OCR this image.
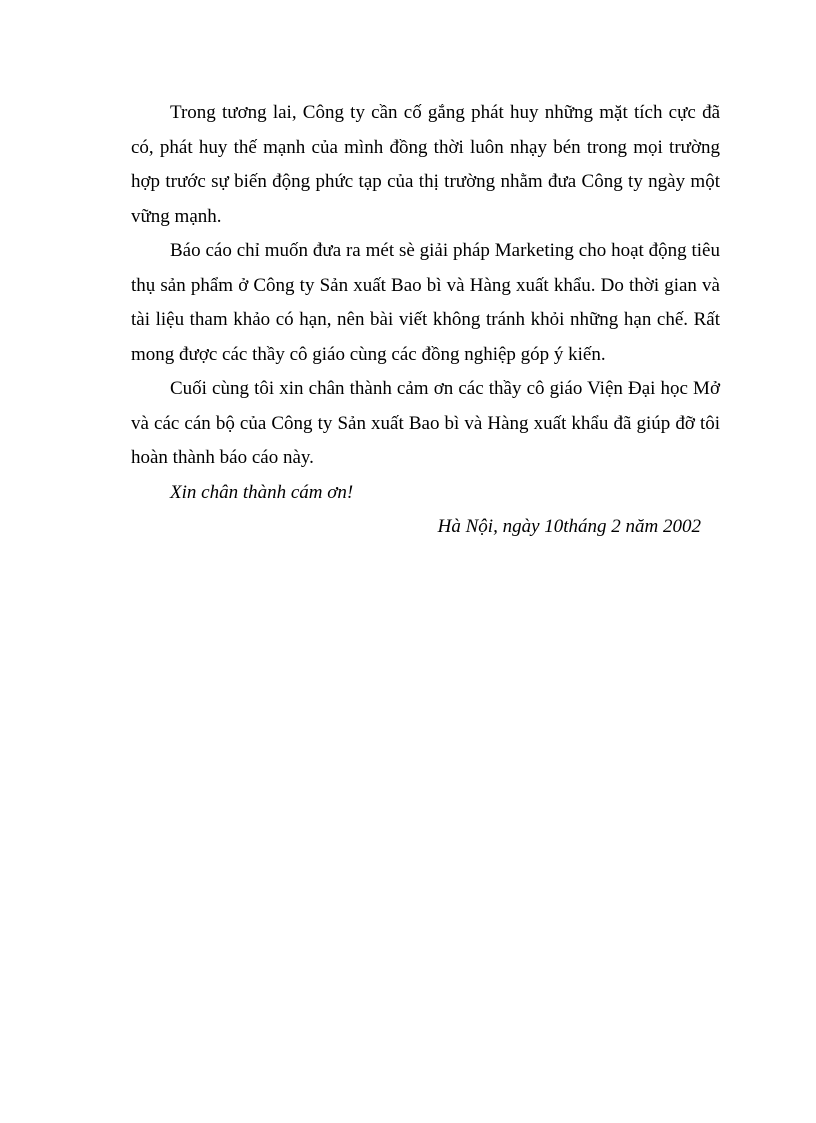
Trong tương lai, Công ty cần cố gắng phát huy những mặt tích cực đã có, phát huy thế mạnh của mình đồng thời luôn nhạy bén trong mọi trường hợp trước sự biến động phức tạp của thị trường nhằm đưa Công ty ngày một vững mạnh.

Báo cáo chỉ muốn đưa ra mét sè giải pháp Marketing cho hoạt động tiêu thụ sản phẩm ở Công ty Sản xuất Bao bì và Hàng xuất khẩu. Do thời gian và tài liệu tham khảo có hạn, nên bài viết không tránh khỏi những hạn chế. Rất mong được các thầy cô giáo cùng các đồng nghiệp góp ý kiến.

Cuối cùng tôi xin chân thành cảm ơn các thầy cô giáo Viện Đại học Mở và các cán bộ của Công ty Sản xuất Bao bì và Hàng xuất khẩu đã giúp đỡ tôi hoàn thành báo cáo này.

Xin chân thành cám ơn!

Hà Nội, ngày 10tháng 2 năm 2002
